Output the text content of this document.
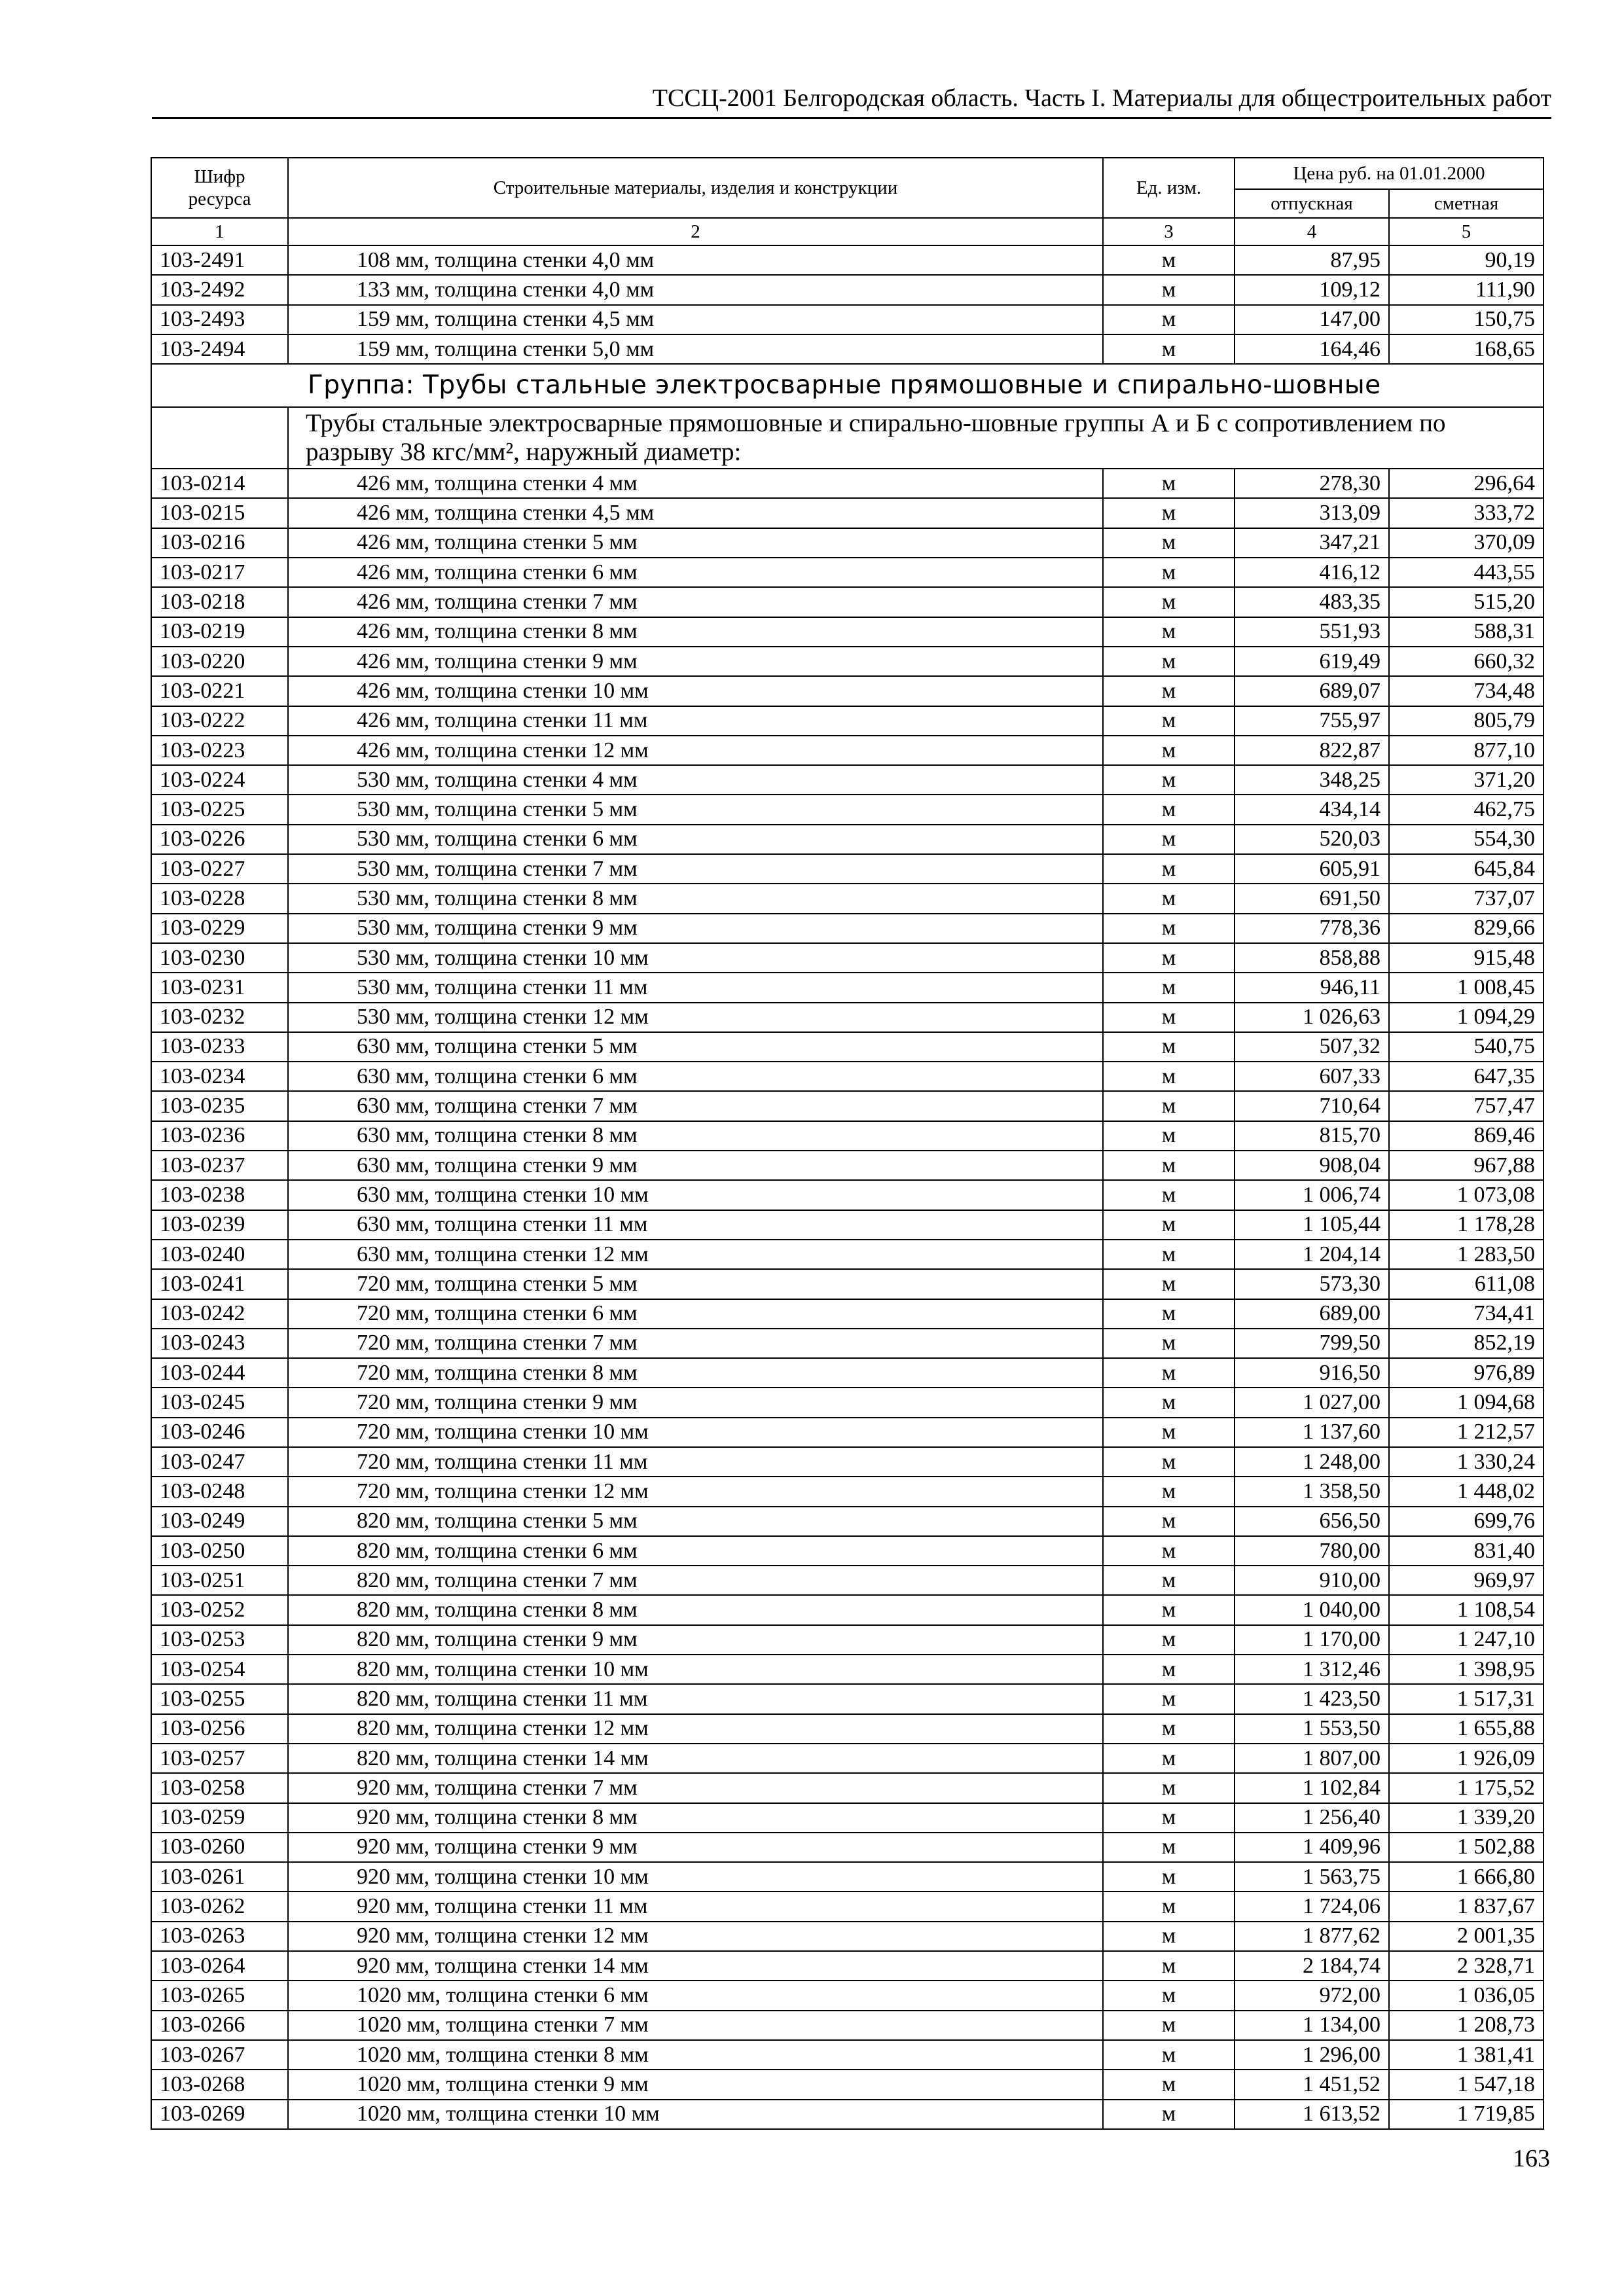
ТССЦ-2001 Белгородская область. Часть I. Материалы для общестроительных работ
Шифр ресурса	Строительные материалы, изделия и конструкции	Ед. изм.	Цена руб. на 01.01.2000	
			отпускная	сметная
1	2	3	4	5
103-2491	108 мм, толщина стенки 4,0 мм	м	87,95	90,19
103-2492	133 мм, толщина стенки 4,0 мм	м	109,12	111,90
103-2493	159 мм, толщина стенки 4,5 мм	м	147,00	150,75
103-2494	159 мм, толщина стенки 5,0 мм	м	164,46	168,65
Группа: Трубы стальные электросварные прямошовные и спирально-шовные				
	Трубы стальные электросварные прямошовные и спирально-шовные группы А и Б с сопротивлением по разрыву 38 кгс/мм², наружный диаметр:			
103-0214	426 мм, толщина стенки 4 мм	м	278,30	296,64
103-0215	426 мм, толщина стенки 4,5 мм	м	313,09	333,72
103-0216	426 мм, толщина стенки 5 мм	м	347,21	370,09
103-0217	426 мм, толщина стенки 6 мм	м	416,12	443,55
103-0218	426 мм, толщина стенки 7 мм	м	483,35	515,20
103-0219	426 мм, толщина стенки 8 мм	м	551,93	588,31
103-0220	426 мм, толщина стенки 9 мм	м	619,49	660,32
103-0221	426 мм, толщина стенки 10 мм	м	689,07	734,48
103-0222	426 мм, толщина стенки 11 мм	м	755,97	805,79
103-0223	426 мм, толщина стенки 12 мм	м	822,87	877,10
103-0224	530 мм, толщина стенки 4 мм	м	348,25	371,20
103-0225	530 мм, толщина стенки 5 мм	м	434,14	462,75
103-0226	530 мм, толщина стенки 6 мм	м	520,03	554,30
103-0227	530 мм, толщина стенки 7 мм	м	605,91	645,84
103-0228	530 мм, толщина стенки 8 мм	м	691,50	737,07
103-0229	530 мм, толщина стенки 9 мм	м	778,36	829,66
103-0230	530 мм, толщина стенки 10 мм	м	858,88	915,48
103-0231	530 мм, толщина стенки 11 мм	м	946,11	1 008,45
103-0232	530 мм, толщина стенки 12 мм	м	1 026,63	1 094,29
103-0233	630 мм, толщина стенки 5 мм	м	507,32	540,75
103-0234	630 мм, толщина стенки 6 мм	м	607,33	647,35
103-0235	630 мм, толщина стенки 7 мм	м	710,64	757,47
103-0236	630 мм, толщина стенки 8 мм	м	815,70	869,46
103-0237	630 мм, толщина стенки 9 мм	м	908,04	967,88
103-0238	630 мм, толщина стенки 10 мм	м	1 006,74	1 073,08
103-0239	630 мм, толщина стенки 11 мм	м	1 105,44	1 178,28
103-0240	630 мм, толщина стенки 12 мм	м	1 204,14	1 283,50
103-0241	720 мм, толщина стенки 5 мм	м	573,30	611,08
103-0242	720 мм, толщина стенки 6 мм	м	689,00	734,41
103-0243	720 мм, толщина стенки 7 мм	м	799,50	852,19
103-0244	720 мм, толщина стенки 8 мм	м	916,50	976,89
103-0245	720 мм, толщина стенки 9 мм	м	1 027,00	1 094,68
103-0246	720 мм, толщина стенки 10 мм	м	1 137,60	1 212,57
103-0247	720 мм, толщина стенки 11 мм	м	1 248,00	1 330,24
103-0248	720 мм, толщина стенки 12 мм	м	1 358,50	1 448,02
103-0249	820 мм, толщина стенки 5 мм	м	656,50	699,76
103-0250	820 мм, толщина стенки 6 мм	м	780,00	831,40
103-0251	820 мм, толщина стенки 7 мм	м	910,00	969,97
103-0252	820 мм, толщина стенки 8 мм	м	1 040,00	1 108,54
103-0253	820 мм, толщина стенки 9 мм	м	1 170,00	1 247,10
103-0254	820 мм, толщина стенки 10 мм	м	1 312,46	1 398,95
103-0255	820 мм, толщина стенки 11 мм	м	1 423,50	1 517,31
103-0256	820 мм, толщина стенки 12 мм	м	1 553,50	1 655,88
103-0257	820 мм, толщина стенки 14 мм	м	1 807,00	1 926,09
103-0258	920 мм, толщина стенки 7 мм	м	1 102,84	1 175,52
103-0259	920 мм, толщина стенки 8 мм	м	1 256,40	1 339,20
103-0260	920 мм, толщина стенки 9 мм	м	1 409,96	1 502,88
103-0261	920 мм, толщина стенки 10 мм	м	1 563,75	1 666,80
103-0262	920 мм, толщина стенки 11 мм	м	1 724,06	1 837,67
103-0263	920 мм, толщина стенки 12 мм	м	1 877,62	2 001,35
103-0264	920 мм, толщина стенки 14 мм	м	2 184,74	2 328,71
103-0265	1020 мм, толщина стенки 6 мм	м	972,00	1 036,05
103-0266	1020 мм, толщина стенки 7 мм	м	1 134,00	1 208,73
103-0267	1020 мм, толщина стенки 8 мм	м	1 296,00	1 381,41
103-0268	1020 мм, толщина стенки 9 мм	м	1 451,52	1 547,18
103-0269	1020 мм, толщина стенки 10 мм	м	1 613,52	1 719,85
163
